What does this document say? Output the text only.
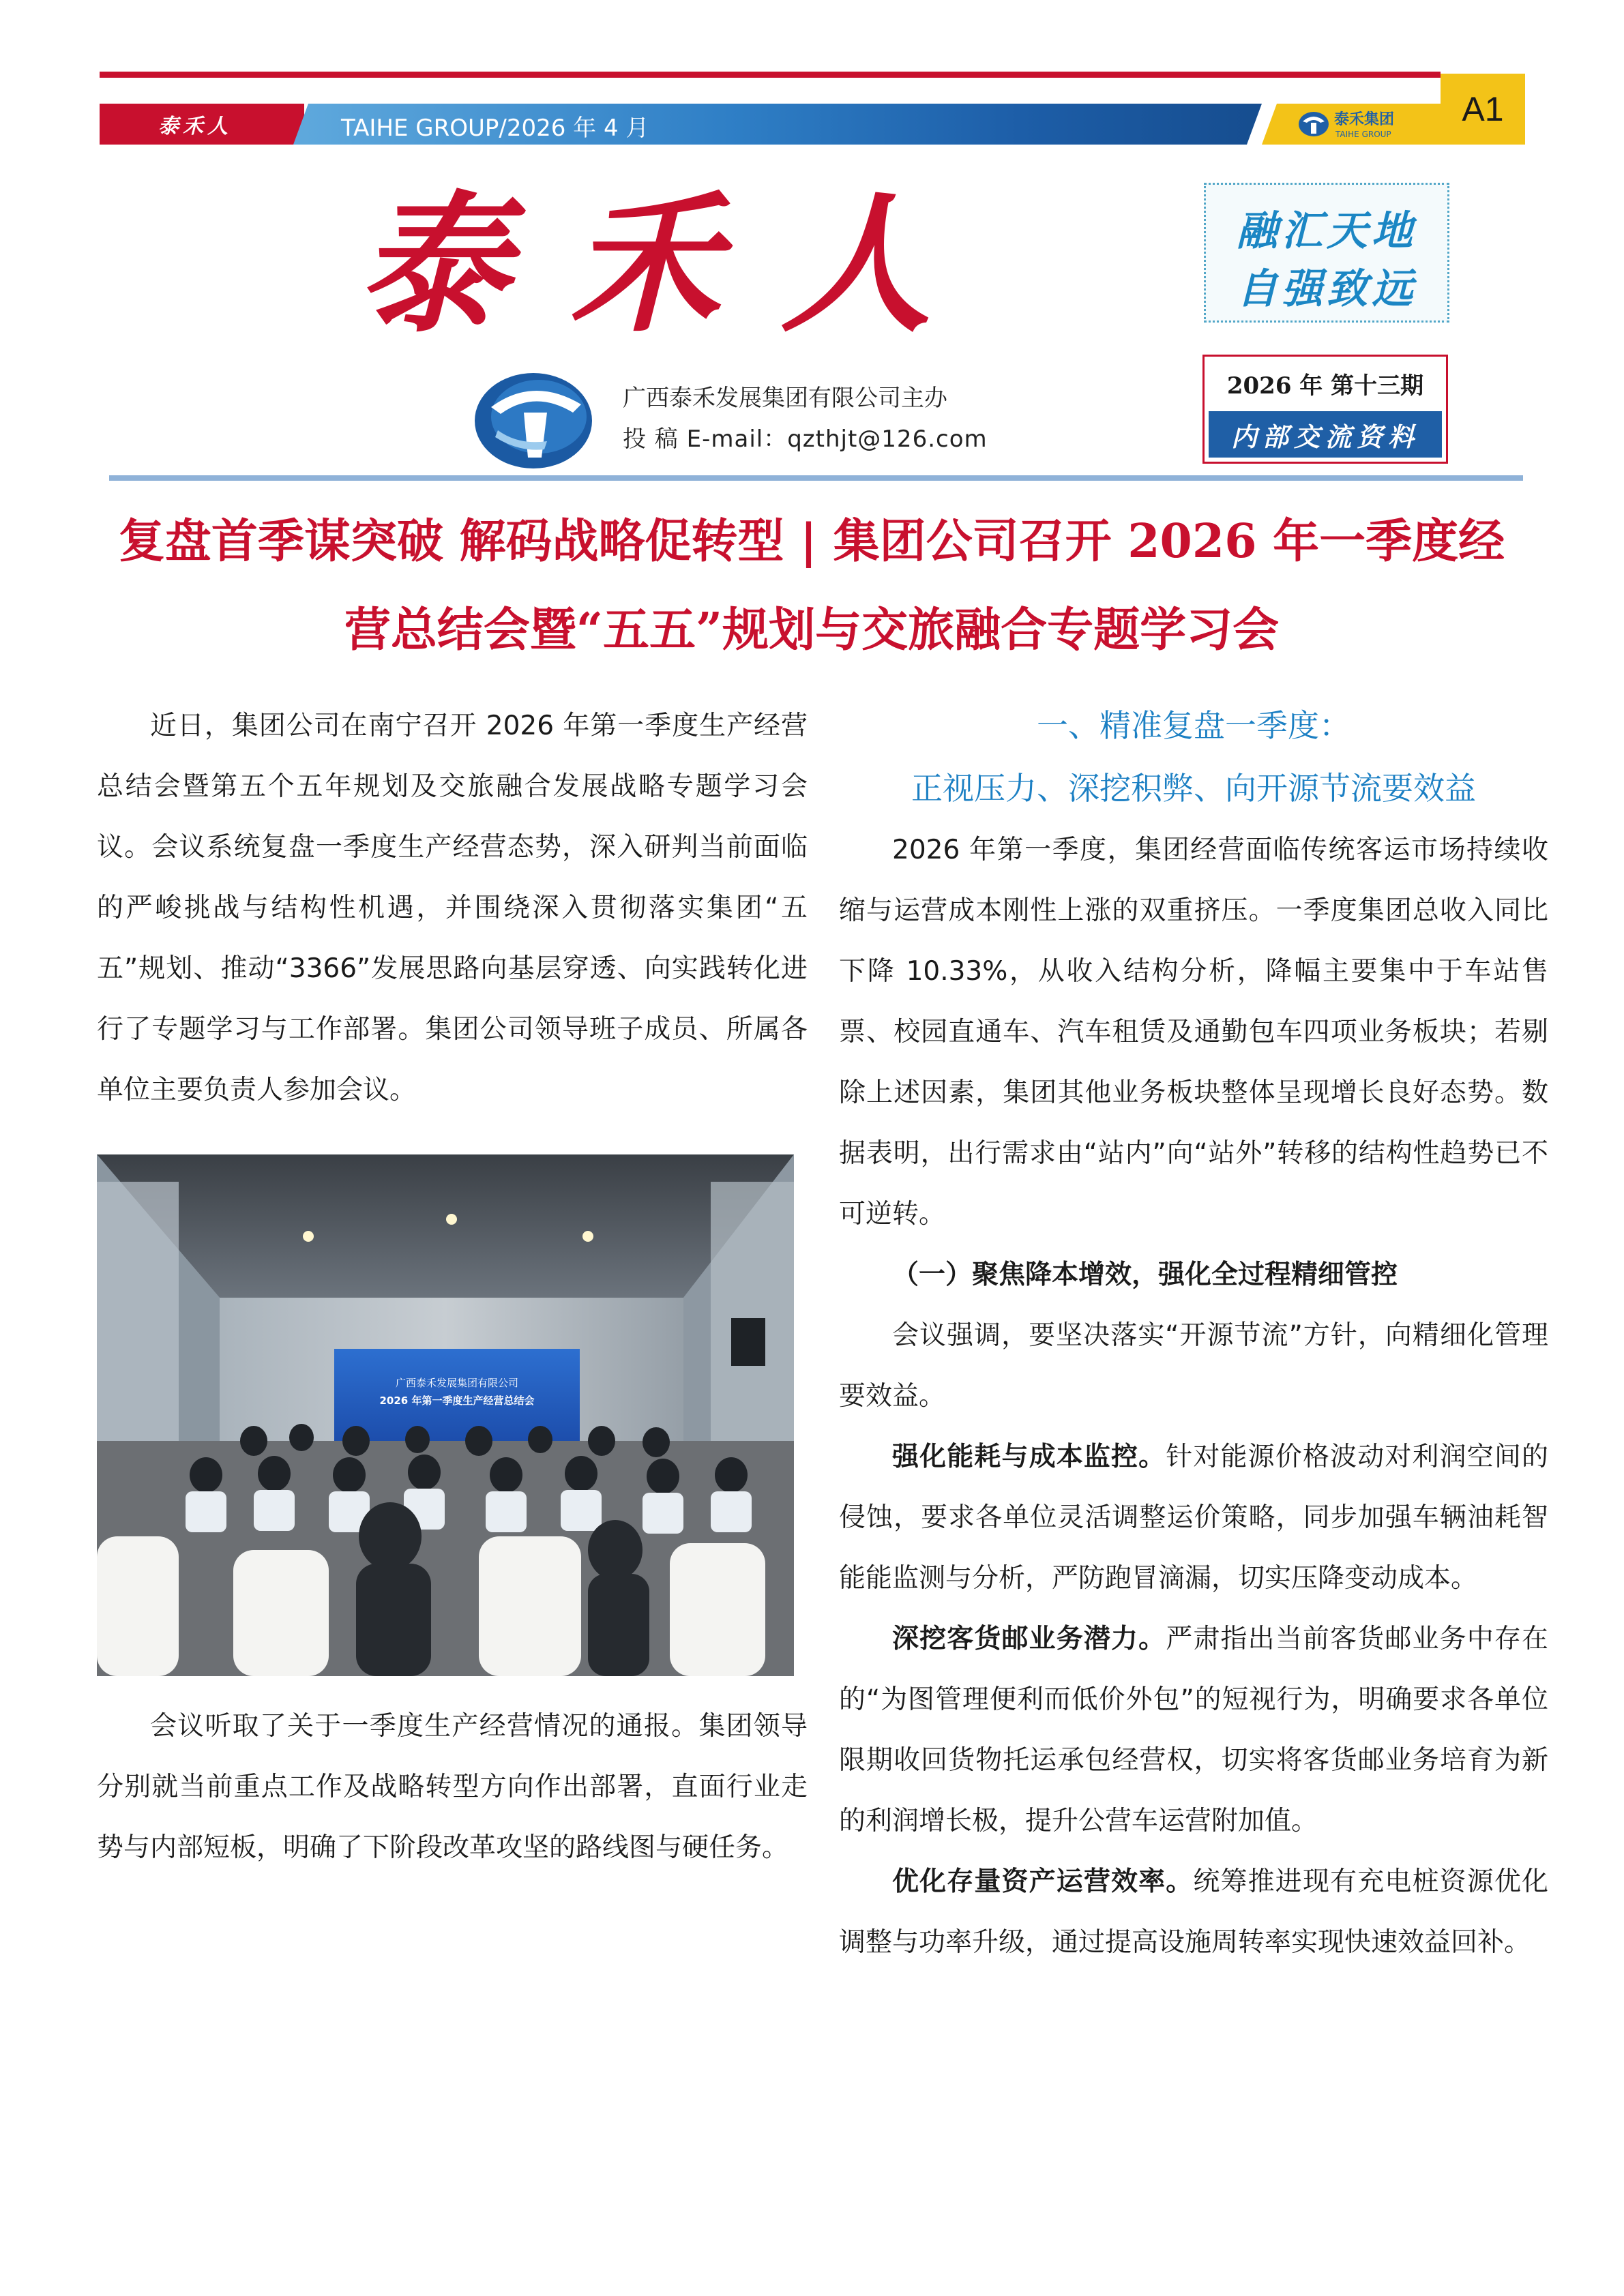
泰禾人	TAIHE GROUP/2026 年 4 月	泰禾集团
TAIHE GROUP
A1
泰禾人	融汇天地
自强致远
广西泰禾发展集团有限公司主办
投 稿 E-mail：qzthjt@126.com
2026 年 第十三期
内部交流资料
复盘首季谋突破 解码战略促转型 | 集团公司召开 2026 年一季度经
营总结会暨“五五”规划与交旅融合专题学习会

近日，集团公司在南宁召开 2026 年第一季度生产经营总结会暨第五个五年规划及交旅融合发展战略专题学习会议。会议系统复盘一季度生产经营态势，深入研判当前面临的严峻挑战与结构性机遇，并围绕深入贯彻落实集团“五五”规划、推动“3366”发展思路向基层穿透、向实践转化进行了专题学习与工作部署。集团公司领导班子成员、所属各单位主要负责人参加会议。

广西泰禾发展集团有限公司
2026 年第一季度生产经营总结会

会议听取了关于一季度生产经营情况的通报。集团领导分别就当前重点工作及战略转型方向作出部署，直面行业走势与内部短板，明确了下阶段改革攻坚的路线图与硬任务。

一、精准复盘一季度：
正视压力、深挖积弊、向开源节流要效益

2026 年第一季度，集团经营面临传统客运市场持续收缩与运营成本刚性上涨的双重挤压。一季度集团总收入同比下降 10.33%，从收入结构分析，降幅主要集中于车站售票、校园直通车、汽车租赁及通勤包车四项业务板块；若剔除上述因素，集团其他业务板块整体呈现增长良好态势。数据表明，出行需求由“站内”向“站外”转移的结构性趋势已不可逆转。

（一）聚焦降本增效，强化全过程精细管控

会议强调，要坚决落实“开源节流”方针，向精细化管理要效益。

强化能耗与成本监控。针对能源价格波动对利润空间的侵蚀，要求各单位灵活调整运价策略，同步加强车辆油耗智能能监测与分析，严防跑冒滴漏，切实压降变动成本。

深挖客货邮业务潜力。严肃指出当前客货邮业务中存在的“为图管理便利而低价外包”的短视行为，明确要求各单位限期收回货物托运承包经营权，切实将客货邮业务培育为新的利润增长极，提升公营车运营附加值。

优化存量资产运营效率。统筹推进现有充电桩资源优化调整与功率升级，通过提高设施周转率实现快速效益回补。
